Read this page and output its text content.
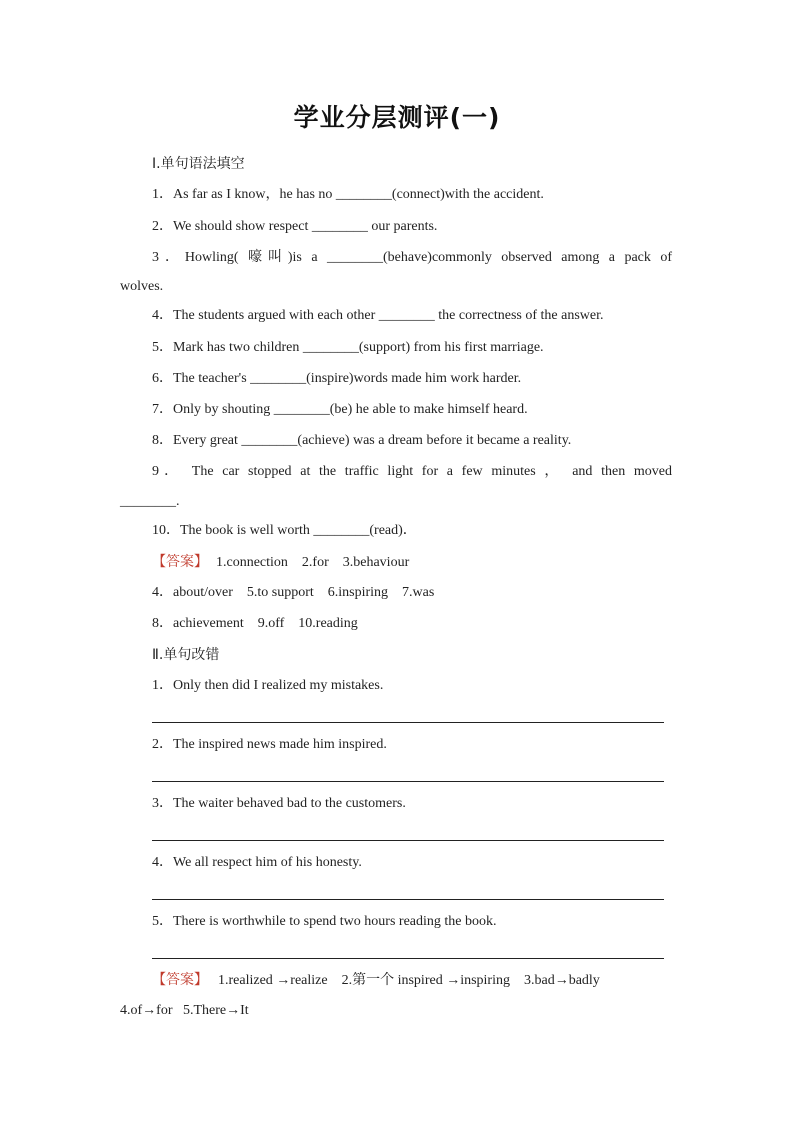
学业分层测评(一)
Ⅰ.单句语法填空
1．As far as I know，he has no ________(connect)with the accident.
2．We should show respect ________ our parents.
3．Howling( 嚎叫)is a ________(behave)commonly observed among a pack of
wolves.
4．The students argued with each other ________ the correctness of the answer.
5．Mark has two children ________(support) from his first marriage.
6．The teacher's ________(inspire)words made him work harder.
7．Only by shouting ________(be) he able to make himself heard.
8．Every great ________(achieve) was a dream before it became a reality.
9． The car stopped at the traffic light for a few minutes ， and then moved
________.
10．The book is well worth ________(read)．
【答案】 1.connection    2.for    3.behaviour
4．about/over    5.to support    6.inspiring    7.was
8．achievement    9.off    10.reading
Ⅱ.单句改错
1．Only then did I realized my mistakes.
2．The inspired news made him inspired.
3．The waiter behaved bad to the customers.
4．We all respect him of his honesty.
5．There is worthwhile to spend two hours reading the book.
【答案】 1.realized →realize    2.第一个 inspired →inspiring    3.bad→badly
4.of→for   5.There→It
